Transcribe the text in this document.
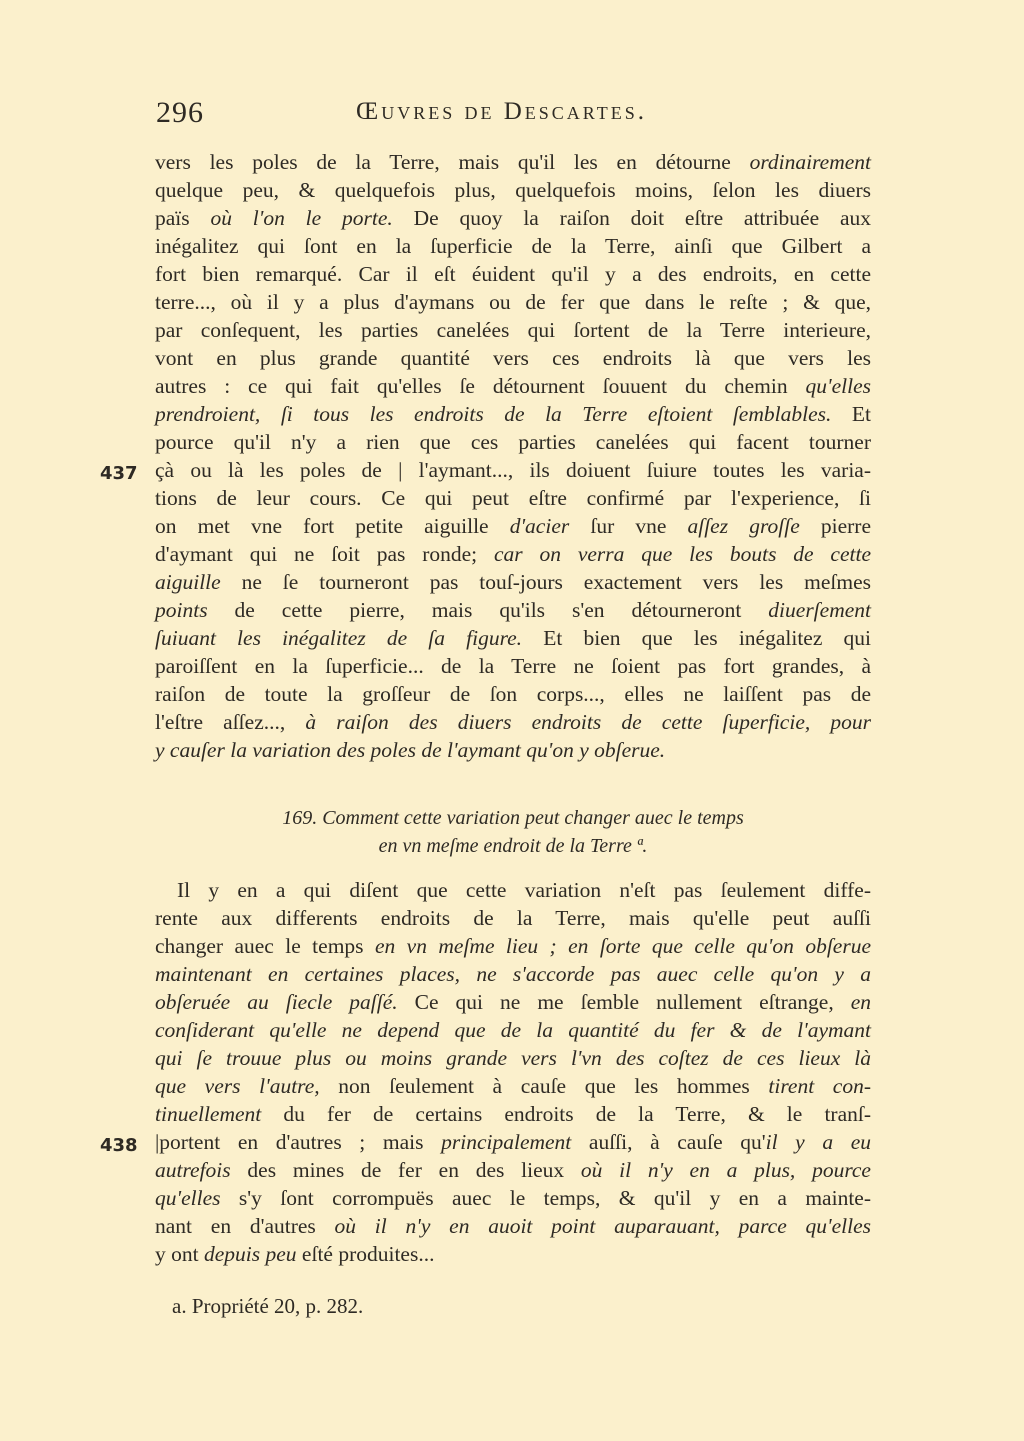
296	Œuvres de Descartes.
vers les poles de la Terre, mais qu'il les en détourne ordinairement
quelque peu, & quelquefois plus, quelquefois moins, ſelon les diuers
païs où l'on le porte. De quoy la raiſon doit eſtre attribuée aux
inégalitez qui ſont en la ſuperficie de la Terre, ainſi que Gilbert a
fort bien remarqué. Car il eſt éuident qu'il y a des endroits, en cette
terre..., où il y a plus d'aymans ou de fer que dans le reſte ; & que,
par conſequent, les parties canelées qui ſortent de la Terre interieure,
vont en plus grande quantité vers ces endroits là que vers les
autres : ce qui fait qu'elles ſe détournent ſouuent du chemin qu'elles
prendroient, ſi tous les endroits de la Terre eſtoient ſemblables. Et
pource qu'il n'y a rien que ces parties canelées qui facent tourner
çà ou là les poles de | l'aymant..., ils doiuent ſuiure toutes les varia-
tions de leur cours. Ce qui peut eſtre confirmé par l'experience, ſi
on met vne fort petite aiguille d'acier ſur vne aſſez groſſe pierre
d'aymant qui ne ſoit pas ronde; car on verra que les bouts de cette
aiguille ne ſe tourneront pas touſ-jours exactement vers les meſmes
points de cette pierre, mais qu'ils s'en détourneront diuerſement
ſuiuant les inégalitez de ſa figure. Et bien que les inégalitez qui
paroiſſent en la ſuperficie... de la Terre ne ſoient pas fort grandes, à
raiſon de toute la groſſeur de ſon corps..., elles ne laiſſent pas de
l'eſtre aſſez..., à raiſon des diuers endroits de cette ſuperficie, pour
y cauſer la variation des poles de l'aymant qu'on y obſerue.
437
169. Comment cette variation peut changer auec le temps
en vn meſme endroit de la Terre ª.
Il y en a qui diſent que cette variation n'eſt pas ſeulement diffe-
rente aux differents endroits de la Terre, mais qu'elle peut auſſi
changer auec le temps en vn meſme lieu ; en ſorte que celle qu'on obſerue
maintenant en certaines places, ne s'accorde pas auec celle qu'on y a
obſeruée au ſiecle paſſé. Ce qui ne me ſemble nullement eſtrange, en
conſiderant qu'elle ne depend que de la quantité du fer & de l'aymant
qui ſe trouue plus ou moins grande vers l'vn des coſtez de ces lieux là
que vers l'autre, non ſeulement à cauſe que les hommes tirent con-
tinuellement du fer de certains endroits de la Terre, & le tranſ-
|portent en d'autres ; mais principalement auſſi, à cauſe qu'il y a eu
autrefois des mines de fer en des lieux où il n'y en a plus, pource
qu'elles s'y ſont corrompuës auec le temps, & qu'il y en a mainte-
nant en d'autres où il n'y en auoit point auparauant, parce qu'elles
y ont depuis peu eſté produites...
438
a. Propriété 20, p. 282.
